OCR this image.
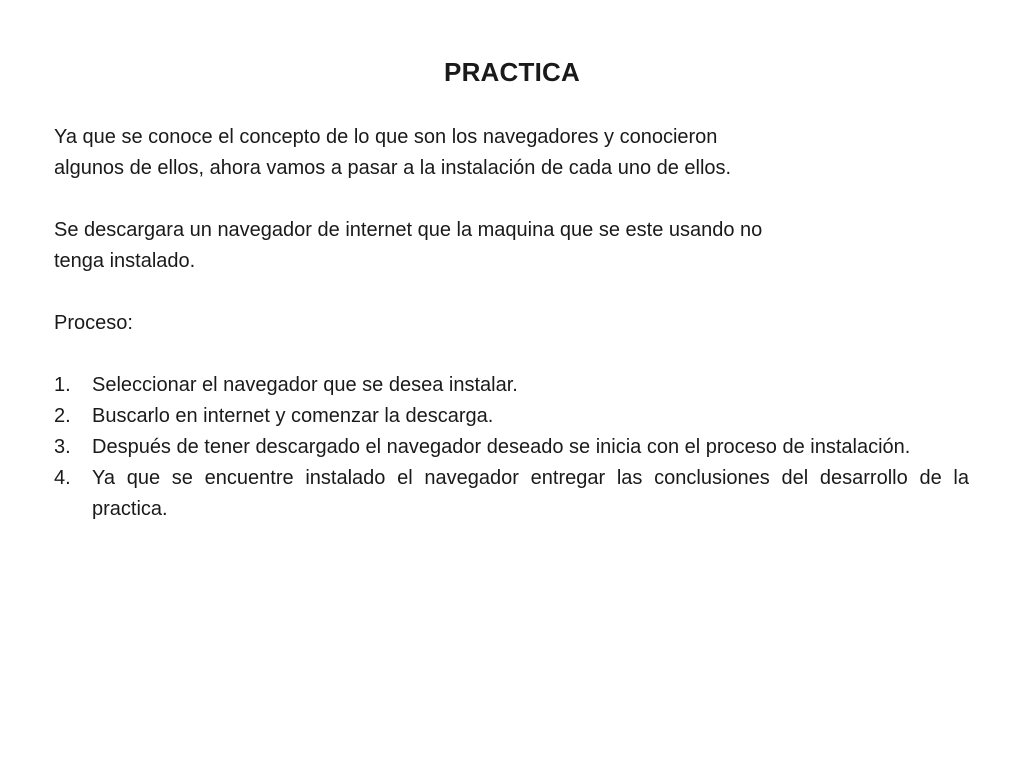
PRACTICA

Ya que se conoce el concepto de lo que son los navegadores y conocieron
algunos de ellos, ahora vamos a pasar a la instalación de cada uno de ellos.

Se descargara un navegador de internet que la maquina que se este usando no
tenga instalado.

Proceso:

1. Seleccionar el navegador que se desea instalar.
2. Buscarlo en internet y comenzar la descarga.
3. Después de tener descargado el navegador deseado se inicia con el proceso de instalación.
4. Ya que se encuentre instalado el navegador entregar las conclusiones del desarrollo de la practica.
